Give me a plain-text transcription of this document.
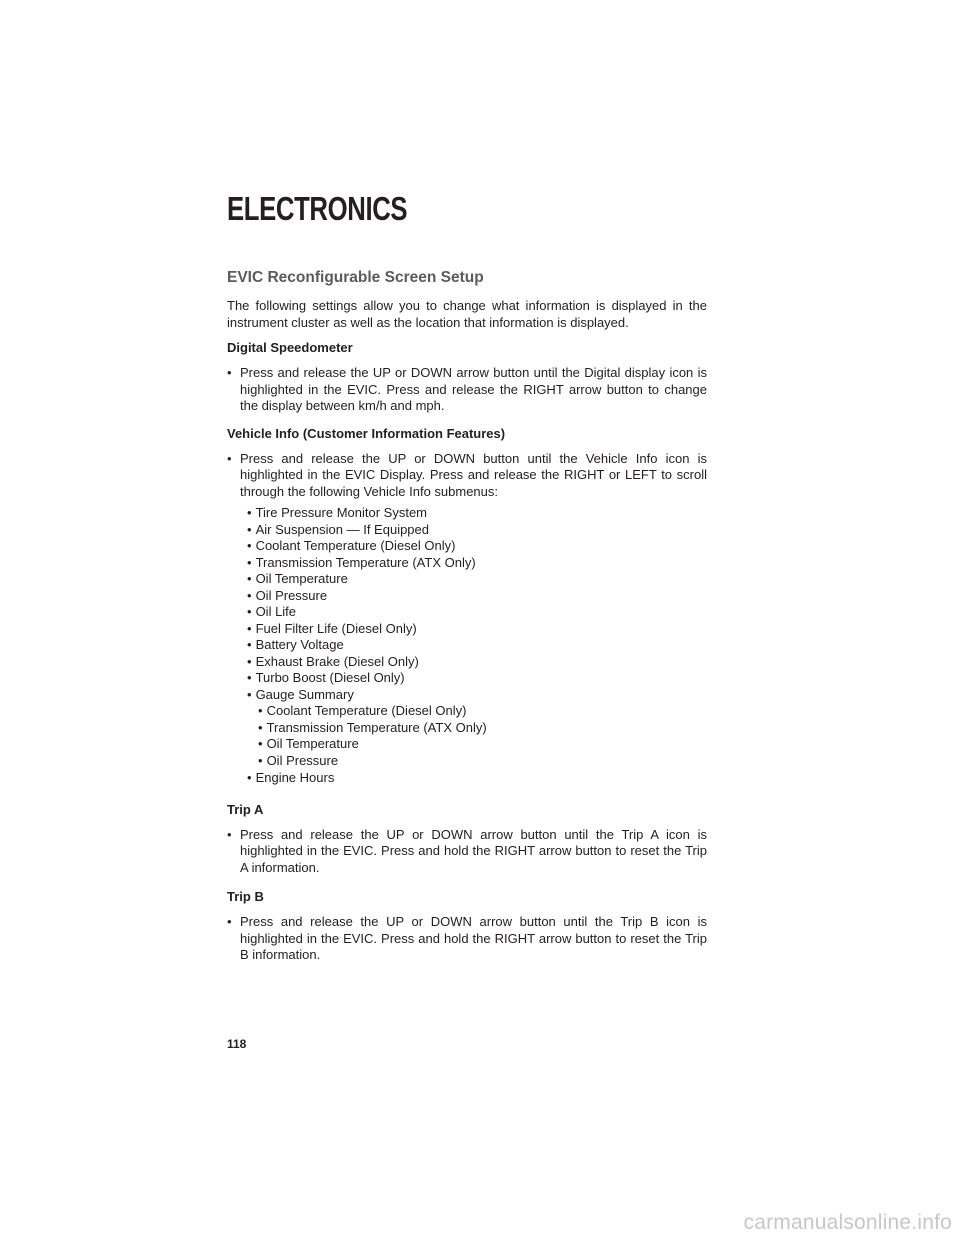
ELECTRONICS
EVIC Reconfigurable Screen Setup

The following settings allow you to change what information is displayed in the instrument cluster as well as the location that information is displayed.

Digital Speedometer
• Press and release the UP or DOWN arrow button until the Digital display icon is highlighted in the EVIC. Press and release the RIGHT arrow button to change the display between km/h and mph.
Vehicle Info (Customer Information Features)
• Press and release the UP or DOWN button until the Vehicle Info icon is highlighted in the EVIC Display. Press and release the RIGHT or LEFT to scroll through the following Vehicle Info submenus:
• Tire Pressure Monitor System
• Air Suspension — If Equipped
• Coolant Temperature (Diesel Only)
• Transmission Temperature (ATX Only)
• Oil Temperature
• Oil Pressure
• Oil Life
• Fuel Filter Life (Diesel Only)
• Battery Voltage
• Exhaust Brake (Diesel Only)
• Turbo Boost (Diesel Only)
• Gauge Summary
• Coolant Temperature (Diesel Only)
• Transmission Temperature (ATX Only)
• Oil Temperature
• Oil Pressure
• Engine Hours
Trip A
• Press and release the UP or DOWN arrow button until the Trip A icon is highlighted in the EVIC. Press and hold the RIGHT arrow button to reset the Trip A information.
Trip B
• Press and release the UP or DOWN arrow button until the Trip B icon is highlighted in the EVIC. Press and hold the RIGHT arrow button to reset the Trip B information.
118
carmanualsonline.info
